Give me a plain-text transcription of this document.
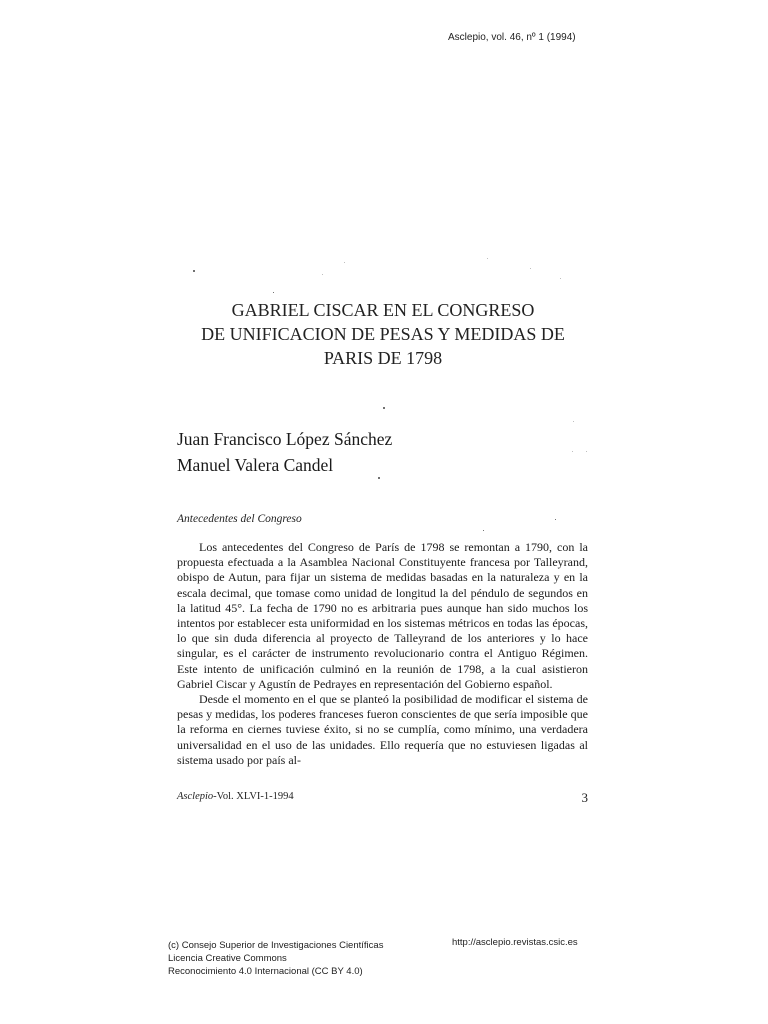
Asclepio, vol. 46, nº 1 (1994)
GABRIEL CISCAR EN EL CONGRESO
DE UNIFICACION DE PESAS Y MEDIDAS DE
PARIS DE 1798
Juan Francisco López Sánchez
Manuel Valera Candel
Antecedentes del Congreso

Los antecedentes del Congreso de París de 1798 se remontan a 1790, con la propuesta efectuada a la Asamblea Nacional Constituyente francesa por Talleyrand, obispo de Autun, para fijar un sistema de medidas basadas en la naturaleza y en la escala decimal, que tomase como unidad de longitud la del péndulo de segundos en la latitud 45°. La fecha de 1790 no es arbitraria pues aunque han sido muchos los intentos por establecer esta uniformidad en los sistemas métricos en todas las épocas, lo que sin duda diferencia al proyecto de Talleyrand de los anteriores y lo hace singular, es el carácter de instrumento revolucionario contra el Antiguo Régimen. Este intento de unificación culminó en la reunión de 1798, a la cual asistieron Gabriel Ciscar y Agustín de Pedrayes en representación del Gobierno español.

Desde el momento en el que se planteó la posibilidad de modificar el sistema de pesas y medidas, los poderes franceses fueron conscientes de que sería imposible que la reforma en ciernes tuviese éxito, si no se cumplía, como mínimo, una verdadera universalidad en el uso de las unidades. Ello requería que no estuviesen ligadas al sistema usado por país al-

Asclepio-Vol. XLVI-1-1994	3
(c) Consejo Superior de Investigaciones Científicas
Licencia Creative Commons
Reconocimiento 4.0 Internacional (CC BY 4.0)
http://asclepio.revistas.csic.es
